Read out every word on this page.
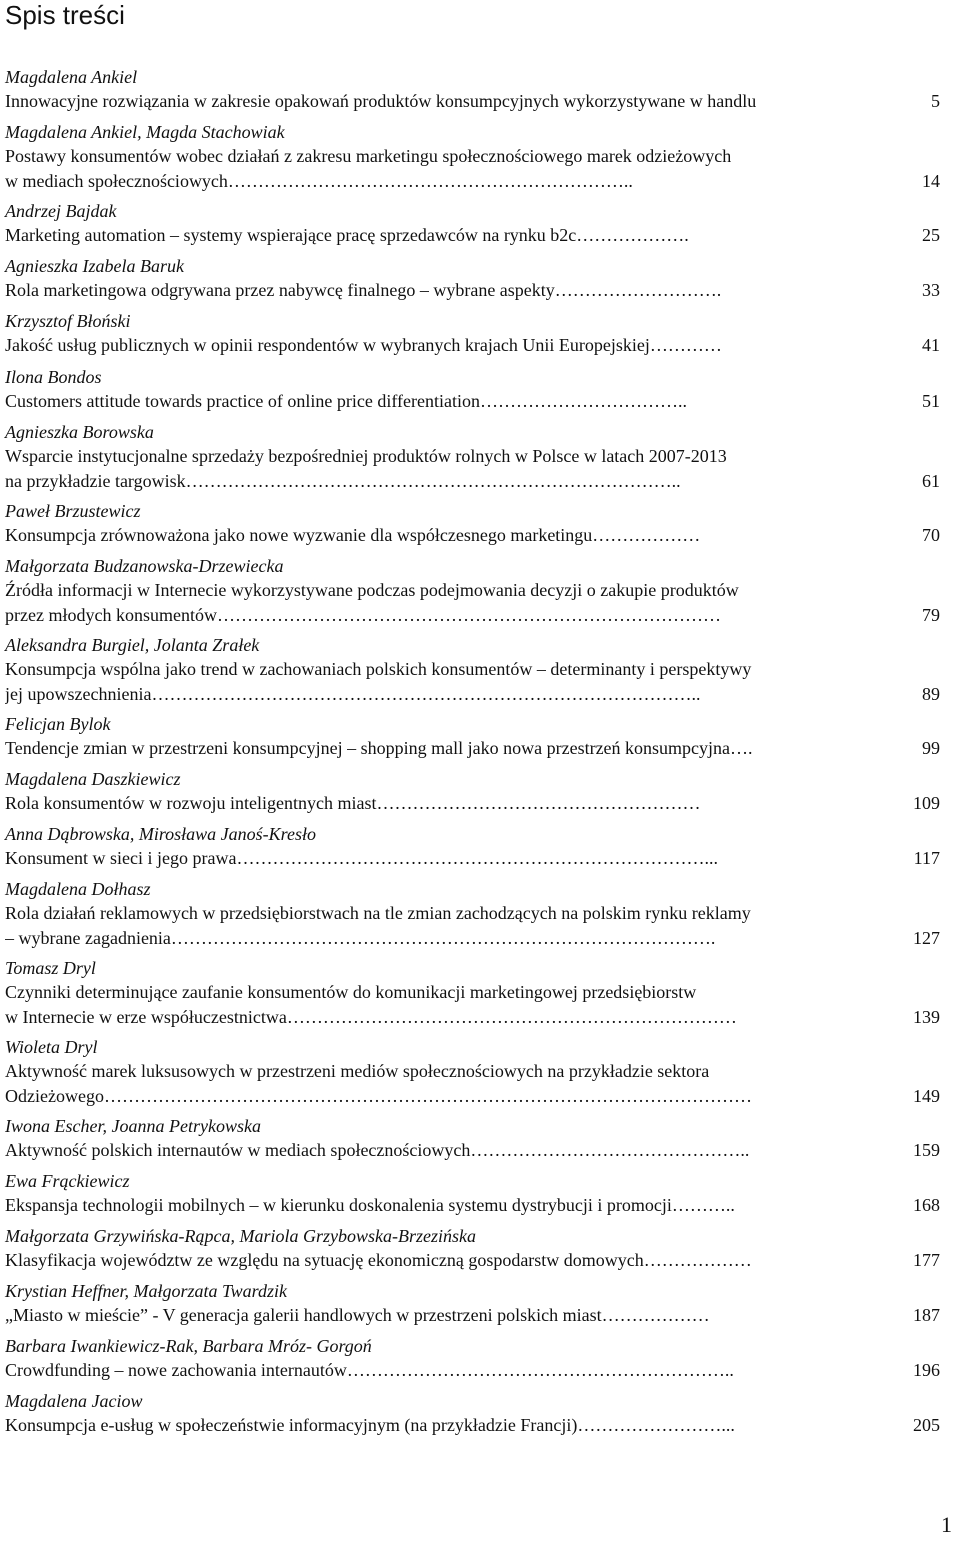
Spis treści
Magdalena Ankiel
Innowacyjne rozwiązania w zakresie opakowań produktów konsumpcyjnych wykorzystywane w handlu	5
Magdalena Ankiel, Magda Stachowiak
Postawy konsumentów wobec działań z zakresu marketingu społecznościowego marek odzieżowych
w mediach społecznościowych…………………………………………………………..	14
Andrzej Bajdak
Marketing automation – systemy wspierające pracę sprzedawców na rynku b2c……………….	25
Agnieszka Izabela Baruk
Rola marketingowa odgrywana przez nabywcę finalnego – wybrane aspekty……………………….	33
Krzysztof Błoński
Jakość usług publicznych w opinii respondentów w wybranych krajach Unii Europejskiej…………	41
Ilona Bondos
Customers attitude towards practice of online price differentiation……………………………..	51
Agnieszka Borowska
Wsparcie instytucjonalne sprzedaży bezpośredniej produktów rolnych w Polsce w latach 2007-2013
na przykładzie targowisk………………………………………………………………………..	61
Paweł Brzustewicz
Konsumpcja zrównoważona jako nowe wyzwanie dla współczesnego marketingu………………	70
Małgorzata Budzanowska-Drzewiecka
Źródła informacji w Internecie wykorzystywane podczas podejmowania decyzji o zakupie produktów
przez młodych konsumentów…………………………………………………………………………	79
Aleksandra Burgiel, Jolanta Zrałek
Konsumpcja wspólna jako trend w zachowaniach polskich konsumentów – determinanty i perspektywy
jej upowszechnienia………………………………………………………………………………..	89
Felicjan Bylok
Tendencje zmian w przestrzeni konsumpcyjnej – shopping mall jako nowa przestrzeń konsumpcyjna….	99
Magdalena Daszkiewicz
Rola konsumentów w rozwoju inteligentnych miast………………………………………………	109
Anna Dąbrowska, Mirosława Janoś-Kresło
Konsument w sieci i jego prawa……………………………………………………………………...	117
Magdalena Dołhasz
Rola działań reklamowych w przedsiębiorstwach na tle zmian zachodzących na polskim rynku reklamy
– wybrane zagadnienia……………………………………………………………………………….	127
Tomasz Dryl
Czynniki determinujące zaufanie konsumentów do komunikacji marketingowej przedsiębiorstw
w Internecie w erze współuczestnictwa…………………………………………………………………	139
Wioleta Dryl
Aktywność marek luksusowych w przestrzeni mediów społecznościowych na przykładzie sektora
Odzieżowego………………………………………………………………………………………………	149
Iwona Escher, Joanna Petrykowska
Aktywność polskich internautów w mediach społecznościowych………………………………………..	159
Ewa Frąckiewicz
Ekspansja technologii mobilnych – w kierunku doskonalenia systemu dystrybucji i promocji………..	168
Małgorzata Grzywińska-Rąpca, Mariola Grzybowska-Brzezińska
Klasyfikacja województw ze względu na sytuację ekonomiczną gospodarstw domowych………………	177
Krystian Heffner, Małgorzata Twardzik
„Miasto w mieście” - V generacja galerii handlowych w przestrzeni polskich miast………………	187
Barbara Iwankiewicz-Rak, Barbara Mróz- Gorgoń
Crowdfunding – nowe zachowania internautów………………………………………………………..	196
Magdalena Jaciow
Konsumpcja e-usług w społeczeństwie informacyjnym (na przykładzie Francji)……………………...	205
1
